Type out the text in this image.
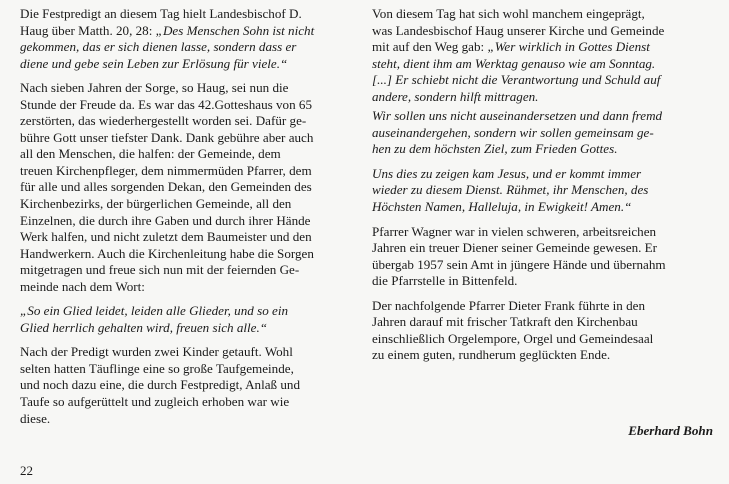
Die Festpredigt an diesem Tag hielt Landesbischof D.
Haug über Matth. 20, 28: „Des Menschen Sohn ist nicht
gekommen, das er sich dienen lasse, sondern dass er
diene und gebe sein Leben zur Erlösung für viele.“

Nach sieben Jahren der Sorge, so Haug, sei nun die
Stunde der Freude da. Es war das 42.Gotteshaus von 65
zerstörten, das wiederhergestellt worden sei. Dafür ge-
bühre Gott unser tiefster Dank. Dank gebühre aber auch
all den Menschen, die halfen: der Gemeinde, dem
treuen Kirchenpfleger, dem nimmermüden Pfarrer, dem
für alle und alles sorgenden Dekan, den Gemeinden des
Kirchenbezirks, der bürgerlichen Gemeinde, all den
Einzelnen, die durch ihre Gaben und durch ihrer Hände
Werk halfen, und nicht zuletzt dem Baumeister und den
Handwerkern. Auch die Kirchenleitung habe die Sorgen
mitgetragen und freue sich nun mit der feiernden Ge-
meinde nach dem Wort:

„So ein Glied leidet, leiden alle Glieder, und so ein
Glied herrlich gehalten wird, freuen sich alle.“

Nach der Predigt wurden zwei Kinder getauft. Wohl
selten hatten Täuflinge eine so große Taufgemeinde,
und noch dazu eine, die durch Festpredigt, Anlaß und
Taufe so aufgerüttelt und zugleich erhoben war wie
diese.

Von diesem Tag hat sich wohl manchem eingeprägt,
was Landesbischof Haug unserer Kirche und Gemeinde
mit auf den Weg gab: „Wer wirklich in Gottes Dienst
steht, dient ihm am Werktag genauso wie am Sonntag.
[...] Er schiebt nicht die Verantwortung und Schuld auf
andere, sondern hilft mittragen.

Wir sollen uns nicht auseinandersetzen und dann fremd
auseinandergehen, sondern wir sollen gemeinsam ge-
hen zu dem höchsten Ziel, zum Frieden Gottes.

Uns dies zu zeigen kam Jesus, und er kommt immer
wieder zu diesem Dienst. Rühmet, ihr Menschen, des
Höchsten Namen, Halleluja, in Ewigkeit! Amen.“

Pfarrer Wagner war in vielen schweren, arbeitsreichen
Jahren ein treuer Diener seiner Gemeinde gewesen. Er
übergab 1957 sein Amt in jüngere Hände und übernahm
die Pfarrstelle in Bittenfeld.

Der nachfolgende Pfarrer Dieter Frank führte in den
Jahren darauf mit frischer Tatkraft den Kirchenbau
einschließlich Orgelempore, Orgel und Gemeindesaal
zu einem guten, rundherum geglückten Ende.

Eberhard Bohn
22
